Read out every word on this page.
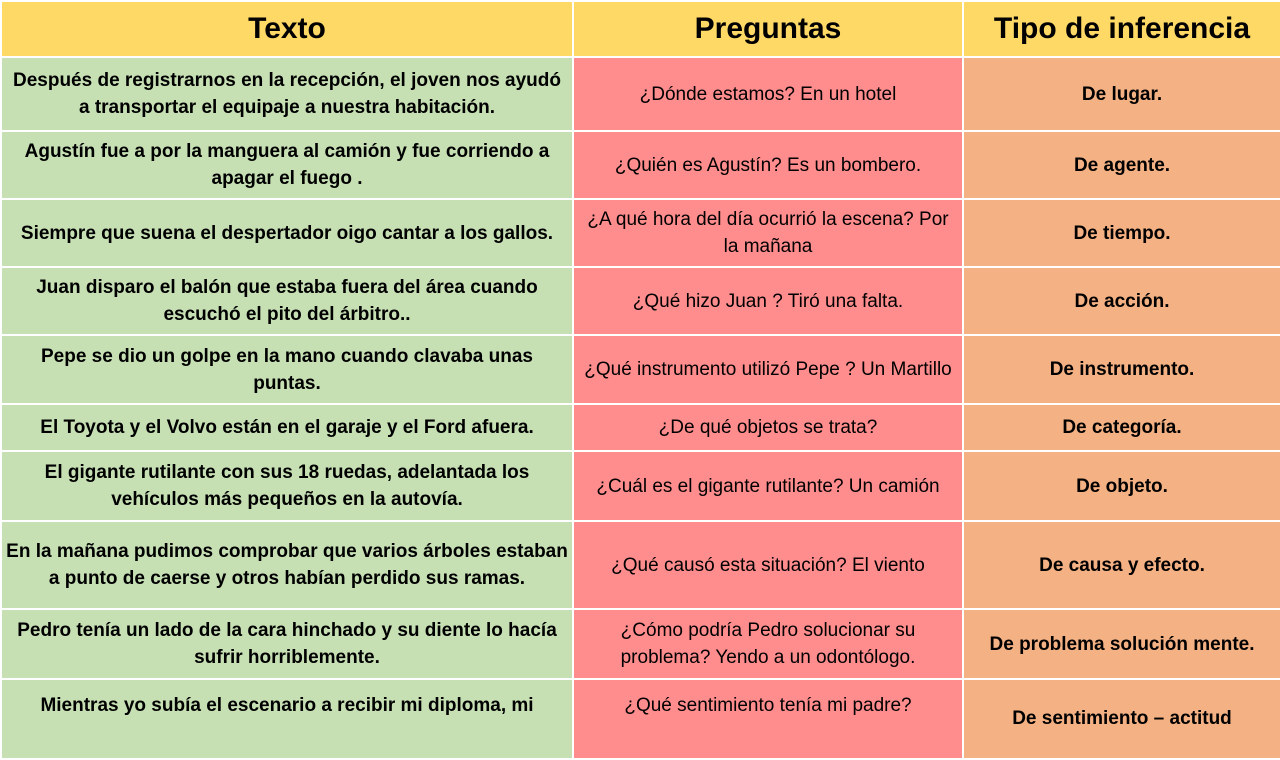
Texto	Preguntas	Tipo de inferencia
Después de registrarnos en la recepción, el joven nos ayudó a transportar el equipaje a nuestra habitación.	¿Dónde estamos? En un hotel	De lugar.
Agustín fue a por la manguera al camión y fue corriendo a apagar el fuego .	¿Quién es Agustín? Es un bombero.	De agente.
Siempre que suena el despertador oigo cantar a los gallos.	¿A qué hora del día ocurrió la escena? Por la mañana	De tiempo.
Juan disparo el balón que estaba fuera del área cuando escuchó el pito del árbitro..	¿Qué hizo Juan ? Tiró una falta.	De acción.
Pepe se dio un golpe en la mano cuando clavaba unas puntas.	¿Qué instrumento utilizó Pepe ? Un Martillo	De instrumento.
El Toyota y el Volvo están en el garaje y el Ford afuera.	¿De qué objetos se trata?	De categoría.
El gigante rutilante con sus 18 ruedas, adelantada los vehículos más pequeños en la autovía.	¿Cuál es el gigante rutilante? Un camión	De objeto.
En la mañana pudimos comprobar que varios árboles estaban a punto de caerse y otros habían perdido sus ramas.	¿Qué causó esta situación? El viento	De causa y efecto.
Pedro tenía un lado de la cara hinchado y su diente lo hacía sufrir horriblemente.	¿Cómo podría Pedro solucionar su problema? Yendo a un odontólogo.	De problema solución mente.
Mientras yo subía el escenario a recibir mi diploma, mi	¿Qué sentimiento tenía mi padre?	De sentimiento – actitud
